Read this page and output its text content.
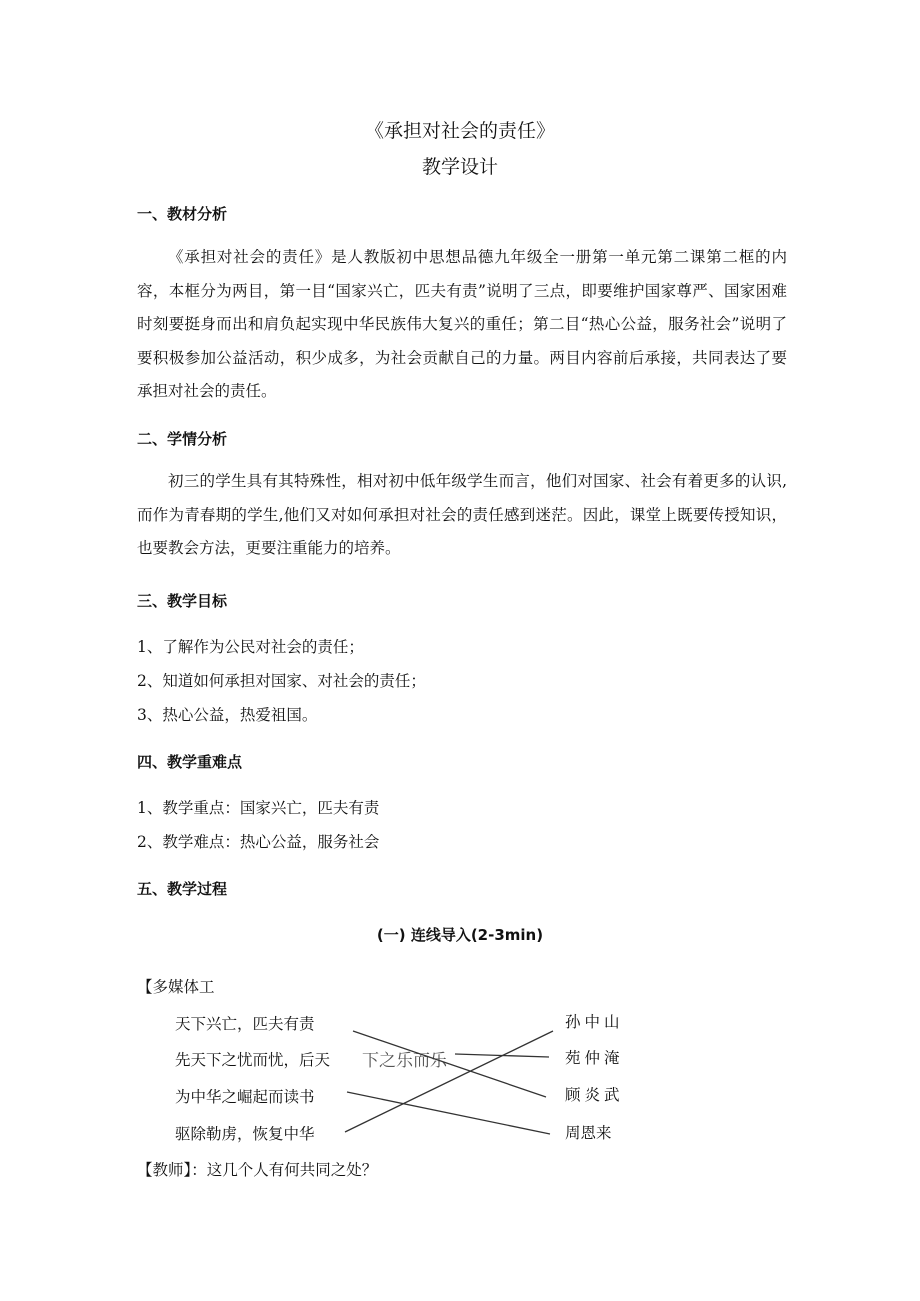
《承担对社会的责任》
教学设计
一、教材分析
《承担对社会的责任》是人教版初中思想品德九年级全一册第一单元第二课第二框的内容，本框分为两目，第一目“国家兴亡，匹夫有责”说明了三点，即要维护国家尊严、国家困难时刻要挺身而出和肩负起实现中华民族伟大复兴的重任；第二目“热心公益，服务社会”说明了要积极参加公益活动，积少成多，为社会贡献自己的力量。两目内容前后承接，共同表达了要承担对社会的责任。
二、学情分析
初三的学生具有其特殊性，相对初中低年级学生而言，他们对国家、社会有着更多的认识,而作为青春期的学生,他们又对如何承担对社会的责任感到迷茫。因此，课堂上既要传授知识，也要教会方法，更要注重能力的培养。
三、教学目标
1、了解作为公民对社会的责任；
2、知道如何承担对国家、对社会的责任；
3、热心公益，热爱祖国。
四、教学重难点
1、教学重点：国家兴亡，匹夫有责
2、教学难点：热心公益，服务社会
五、教学过程
(一) 连线导入(2-3min)
【多媒体工
天下兴亡，匹夫有责
先天下之忧而忧，后天 下之乐而乐
为中华之崛起而读书
驱除勒虏，恢复中华
孙中山
苑仲淹
顾炎武
周恩来
【教师】：这几个人有何共同之处？
